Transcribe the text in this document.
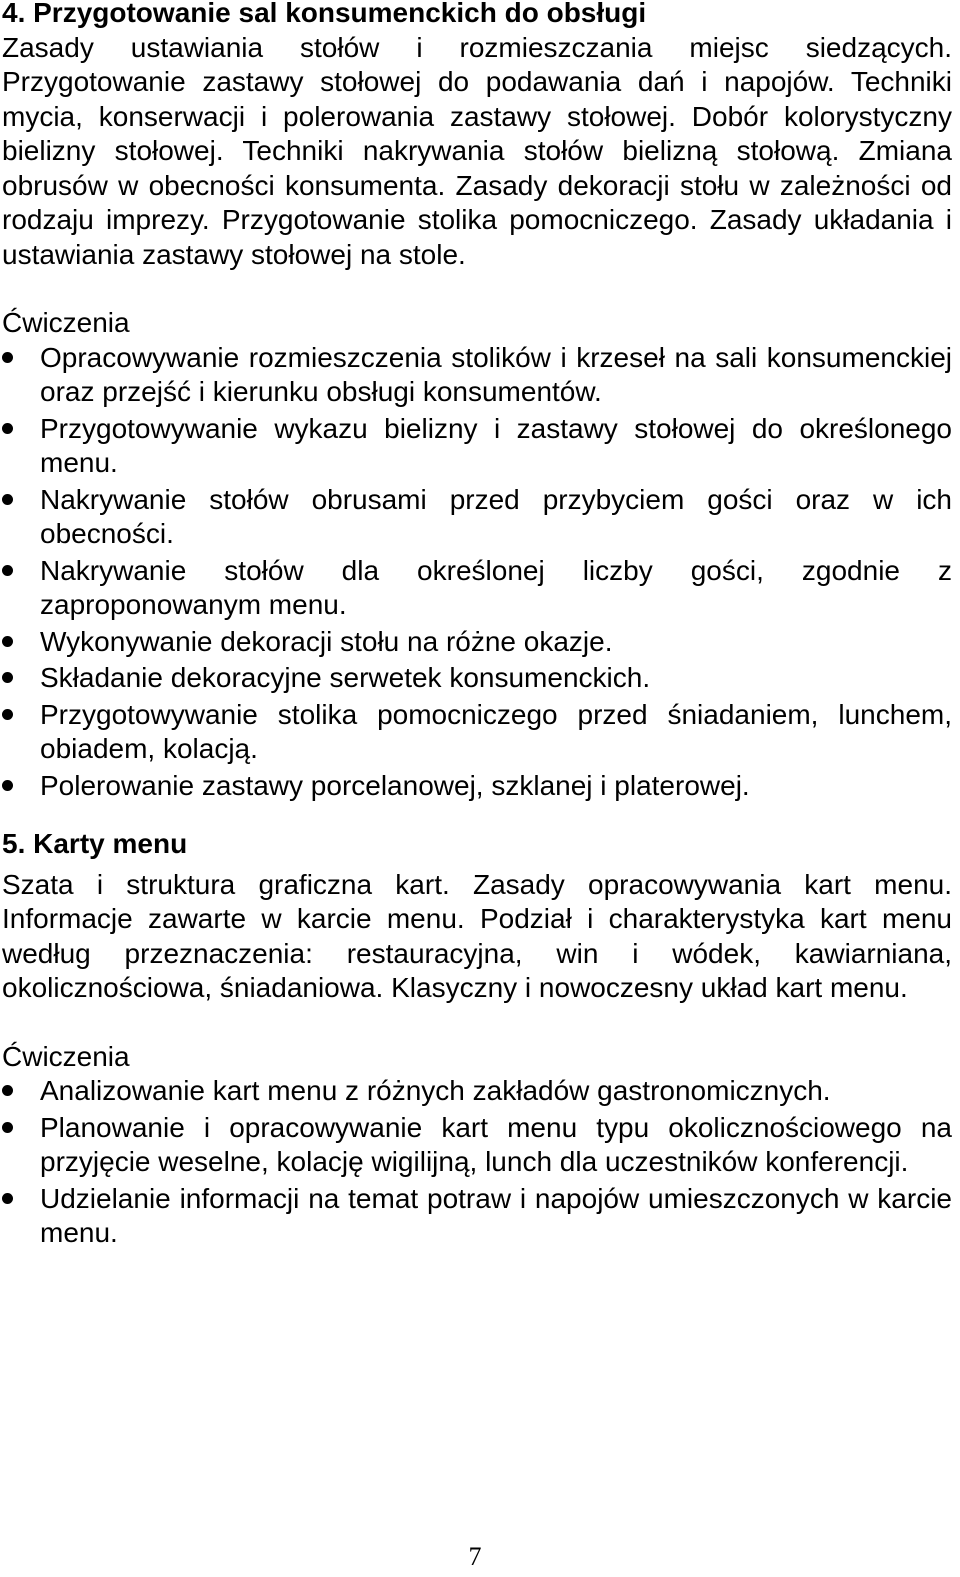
4. Przygotowanie sal konsumenckich do obsługi

Zasady ustawiania stołów i rozmieszczania miejsc siedzących. Przygotowanie zastawy stołowej do podawania dań i napojów. Techniki mycia, konserwacji i polerowania zastawy stołowej. Dobór kolorystyczny bielizny stołowej. Techniki nakrywania stołów bielizną stołową. Zmiana obrusów w obecności konsumenta. Zasady dekoracji stołu w zależności od rodzaju imprezy. Przygotowanie stolika pomocniczego. Zasady układania i ustawiania zastawy stołowej na stole.

Ćwiczenia

Opracowywanie rozmieszczenia stolików i krzeseł na sali konsumenckiej oraz przejść i kierunku obsługi konsumentów.
Przygotowywanie wykazu bielizny i zastawy stołowej do określonego menu.
Nakrywanie stołów obrusami przed przybyciem gości oraz w ich obecności.
Nakrywanie stołów dla określonej liczby gości, zgodnie z zaproponowanym menu.
Wykonywanie dekoracji stołu na różne okazje.
Składanie dekoracyjne serwetek konsumenckich.
Przygotowywanie stolika pomocniczego przed śniadaniem, lunchem, obiadem, kolacją.
Polerowanie zastawy porcelanowej, szklanej i platerowej.
5. Karty menu

Szata i struktura graficzna kart. Zasady opracowywania kart menu. Informacje zawarte w karcie menu. Podział i charakterystyka kart menu według przeznaczenia: restauracyjna, win i wódek, kawiarniana, okolicznościowa, śniadaniowa. Klasyczny i nowoczesny układ kart menu.

Ćwiczenia

Analizowanie kart menu z różnych zakładów gastronomicznych.
Planowanie i opracowywanie kart menu typu okolicznościowego na przyjęcie weselne, kolację wigilijną, lunch dla uczestników konferencji.
Udzielanie informacji na temat potraw i napojów umieszczonych w karcie menu.
7
